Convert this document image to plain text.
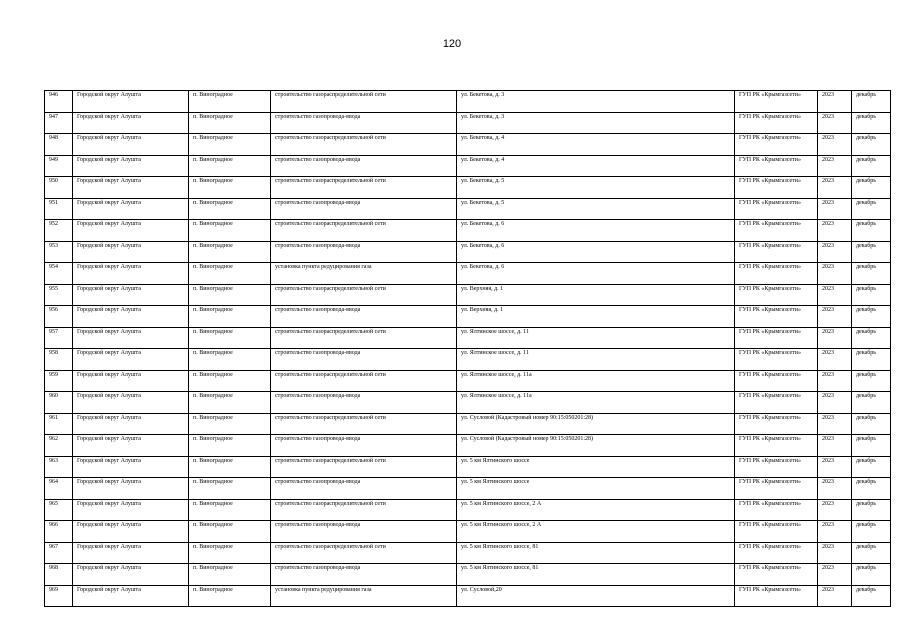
120
946	Городской округ Алушта	п. Виноградное	строительство газораспределительной сети	ул. Бекетова, д. 3	ГУП РК «Крымгазсети»	2023	декабрь
947	Городской округ Алушта	п. Виноградное	строительство газопровода-ввода	ул. Бекетова, д. 3	ГУП РК «Крымгазсети»	2023	декабрь
948	Городской округ Алушта	п. Виноградное	строительство газораспределительной сети	ул. Бекетова, д. 4	ГУП РК «Крымгазсети»	2023	декабрь
949	Городской округ Алушта	п. Виноградное	строительство газопровода-ввода	ул. Бекетова, д. 4	ГУП РК «Крымгазсети»	2023	декабрь
950	Городской округ Алушта	п. Виноградное	строительство газораспределительной сети	ул. Бекетова, д. 5	ГУП РК «Крымгазсети»	2023	декабрь
951	Городской округ Алушта	п. Виноградное	строительство газопровода-ввода	ул. Бекетова, д. 5	ГУП РК «Крымгазсети»	2023	декабрь
952	Городской округ Алушта	п. Виноградное	строительство газораспределительной сети	ул. Бекетова, д. 6	ГУП РК «Крымгазсети»	2023	декабрь
953	Городской округ Алушта	п. Виноградное	строительство газопровода-ввода	ул. Бекетова, д. 6	ГУП РК «Крымгазсети»	2023	декабрь
954	Городской округ Алушта	п. Виноградное	установка пункта редуцирования газа	ул. Бекетова, д. 6	ГУП РК «Крымгазсети»	2023	декабрь
955	Городской округ Алушта	п. Виноградное	строительство газораспределительной сети	ул. Верхняя, д. 1	ГУП РК «Крымгазсети»	2023	декабрь
956	Городской округ Алушта	п. Виноградное	строительство газопровода-ввода	ул. Верхняя, д. 1	ГУП РК «Крымгазсети»	2023	декабрь
957	Городской округ Алушта	п. Виноградное	строительство газораспределительной сети	ул. Ялтинское шоссе, д. 11	ГУП РК «Крымгазсети»	2023	декабрь
958	Городской округ Алушта	п. Виноградное	строительство газопровода-ввода	ул. Ялтинское шоссе, д. 11	ГУП РК «Крымгазсети»	2023	декабрь
959	Городской округ Алушта	п. Виноградное	строительство газораспределительной сети	ул. Ялтинское шоссе, д. 11а	ГУП РК «Крымгазсети»	2023	декабрь
960	Городской округ Алушта	п. Виноградное	строительство газопровода-ввода	ул. Ялтинское шоссе, д. 11а	ГУП РК «Крымгазсети»	2023	декабрь
961	Городской округ Алушта	п. Виноградное	строительство газораспределительной сети	ул. Сусловой (Кадастровый номер 90:15:050201:28)	ГУП РК «Крымгазсети»	2023	декабрь
962	Городской округ Алушта	п. Виноградное	строительство газопровода-ввода	ул. Сусловой (Кадастровый номер 90:15:050201:28)	ГУП РК «Крымгазсети»	2023	декабрь
963	Городской округ Алушта	п. Виноградное	строительство газораспределительной сети	ул. 5 км Ялтинского шоссе	ГУП РК «Крымгазсети»	2023	декабрь
964	Городской округ Алушта	п. Виноградное	строительство газопровода-ввода	ул. 5 км Ялтинского шоссе	ГУП РК «Крымгазсети»	2023	декабрь
965	Городской округ Алушта	п. Виноградное	строительство газораспределительной сети	ул. 5 км Ялтинского шоссе, 2 А	ГУП РК «Крымгазсети»	2023	декабрь
966	Городской округ Алушта	п. Виноградное	строительство газопровода-ввода	ул. 5 км Ялтинского шоссе, 2 А	ГУП РК «Крымгазсети»	2023	декабрь
967	Городской округ Алушта	п. Виноградное	строительство газораспределительной сети	ул. 5 км Ялтинского шоссе, 81	ГУП РК «Крымгазсети»	2023	декабрь
968	Городской округ Алушта	п. Виноградное	строительство газопровода-ввода	ул. 5 км Ялтинского шоссе, 81	ГУП РК «Крымгазсети»	2023	декабрь
969	Городской округ Алушта	п. Виноградное	установка пункта редуцирования газа	ул. Сусловой,20	ГУП РК «Крымгазсети»	2023	декабрь
